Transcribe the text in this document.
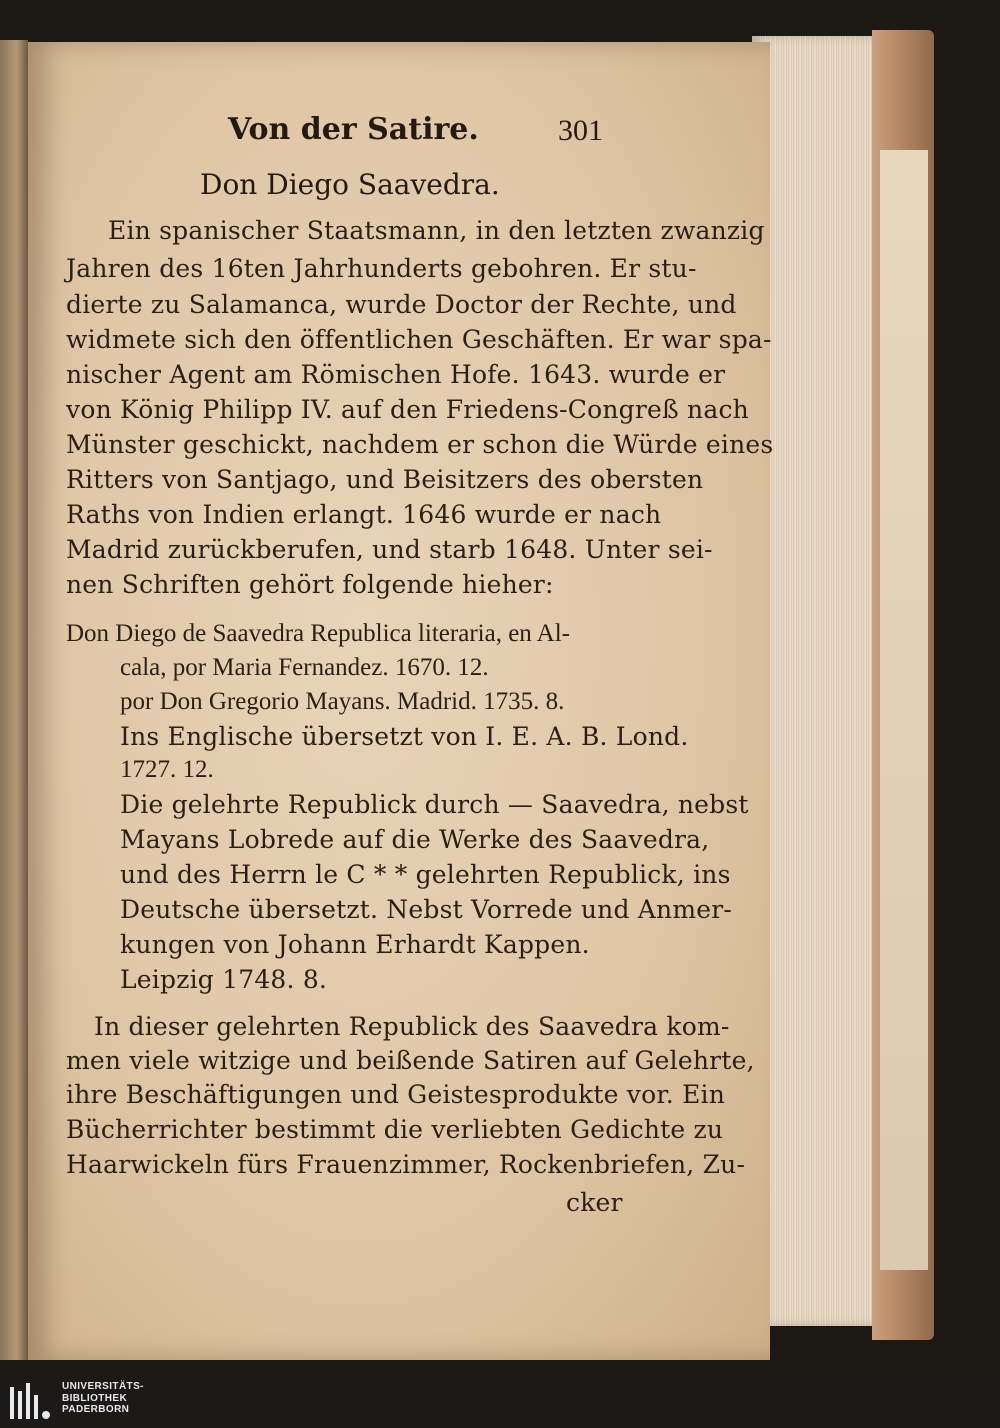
Von der Satire.	301
Don Diego Saavedra.
Ein spanischer Staatsmann, in den letzten zwanzig
Jahren des 16ten Jahrhunderts gebohren. Er stu-
dierte zu Salamanca, wurde Doctor der Rechte, und
widmete sich den öffentlichen Geschäften. Er war spa-
nischer Agent am Römischen Hofe. 1643. wurde er
von König Philipp IV. auf den Friedens-Congreß nach
Münster geschickt, nachdem er schon die Würde eines
Ritters von Santjago, und Beisitzers des obersten
Raths von Indien erlangt. 1646 wurde er nach
Madrid zurückberufen, und starb 1648. Unter sei-
nen Schriften gehört folgende hieher:
Don Diego de Saavedra Republica literaria, en Al-
cala, por Maria Fernandez. 1670. 12.
por Don Gregorio Mayans. Madrid. 1735. 8.
Ins Englische übersetzt von I. E. A. B. Lond.
1727. 12.
Die gelehrte Republick durch — Saavedra, nebst
Mayans Lobrede auf die Werke des Saavedra,
und des Herrn le C * * gelehrten Republick, ins
Deutsche übersetzt. Nebst Vorrede und Anmer-
kungen von Johann Erhardt Kappen.
Leipzig 1748. 8.
In dieser gelehrten Republick des Saavedra kom-
men viele witzige und beißende Satiren auf Gelehrte,
ihre Beschäftigungen und Geistesprodukte vor. Ein
Bücherrichter bestimmt die verliebten Gedichte zu
Haarwickeln fürs Frauenzimmer, Rockenbriefen, Zu-
cker
UNIVERSITÄTS-
BIBLIOTHEK
PADERBORN
